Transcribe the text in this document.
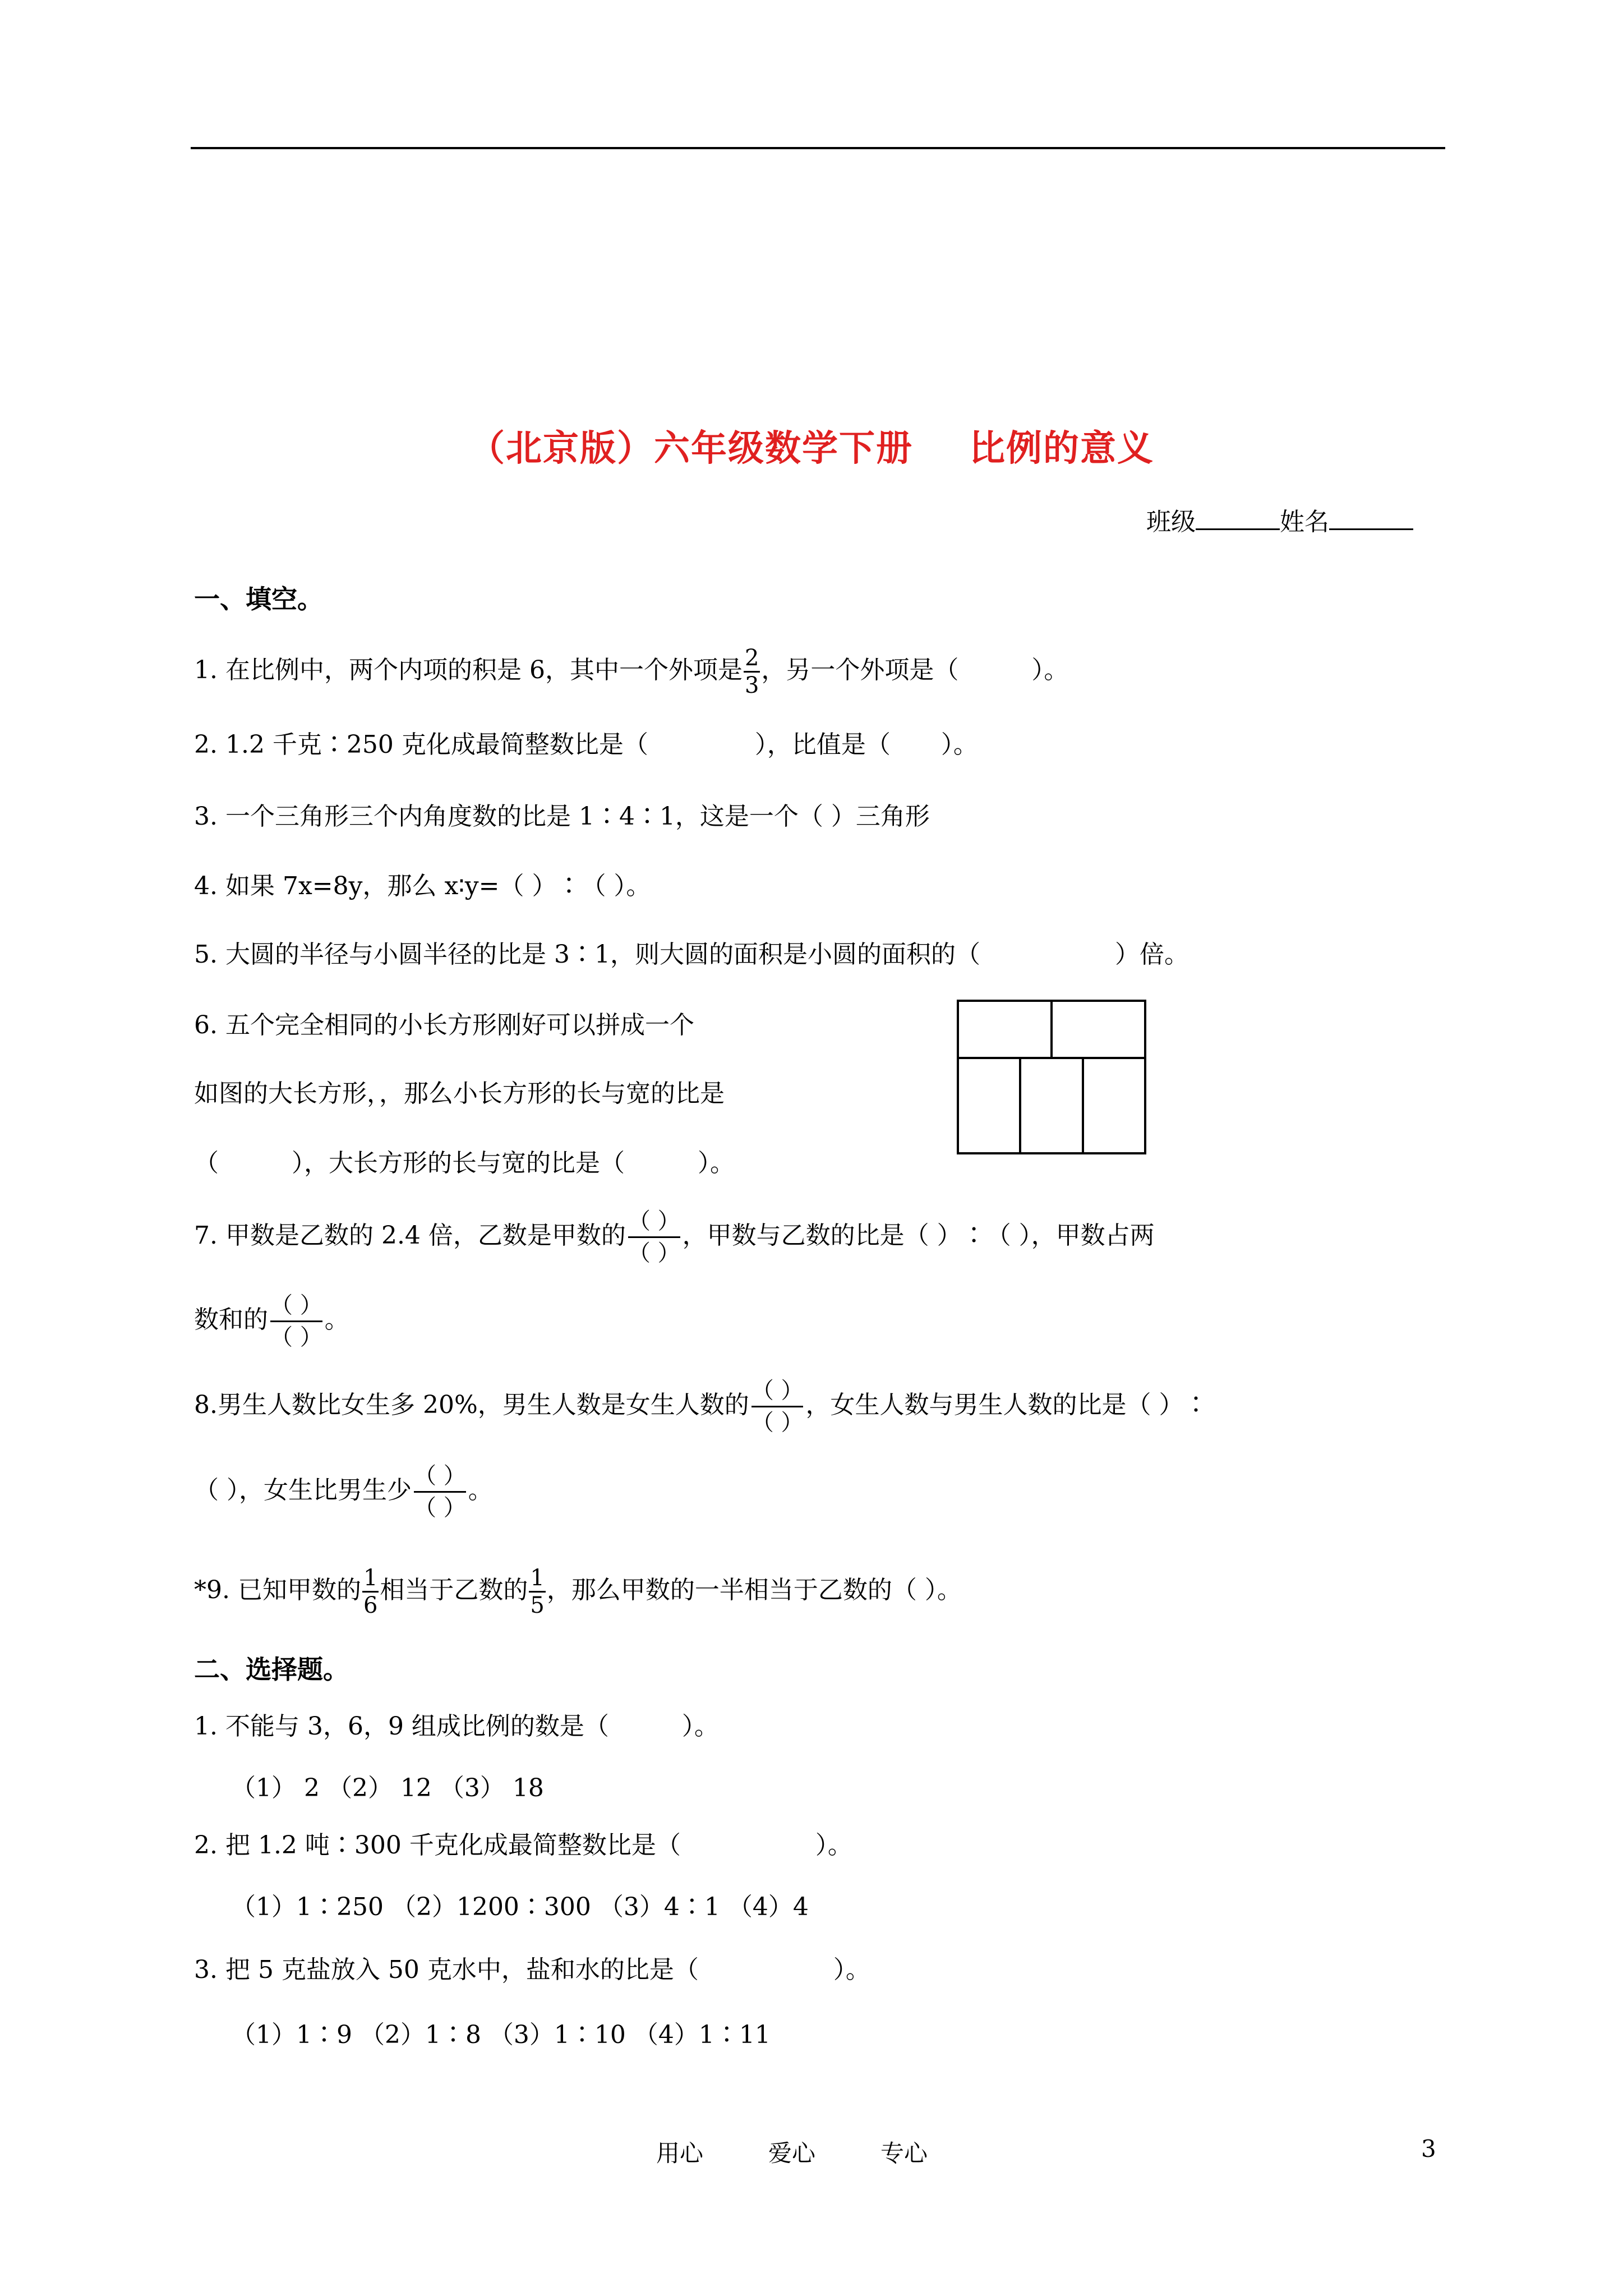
（北京版）六年级数学下册 比例的意义
班级	姓名
一、填空。
1. 在比例中，两个内项的积是 6，其中一个外项是 $\frac{2}{3}$ ，另一个外项是（	）。
2. 1.2 千克∶250 克化成最简整数比是（	），比值是（ ）。
3. 一个三角形三个内角度数的比是 1∶4∶1，这是一个（ ）三角形
4. 如果 7x=8y，那么 x∶y=（ ）∶（ ）。
5. 大圆的半径与小圆半径的比是 3∶1，则大圆的面积是小圆的面积的（	）倍。
6. 五个完全相同的小长方形刚好可以拼成一个
如图的大长方形，，那么小长方形的长与宽的比是
（	），大长方形的长与宽的比是（	）。
7. 甲数是乙数的 2.4 倍，乙数是甲数的 （ ）
（ ）
，甲数与乙数的比是（ ）∶（ ），甲数占两
数和的 （ ）
（ ）
。
8.男生人数比女生多 20%，男生人数是女生人数的 （ ）
（ ）
，女生人数与男生人数的比是（ ）∶
（ ），女生比男生少 （ ）
（ ）
。
*9. 已知甲数的 $\frac{1}{6}$ 相当于乙数的 $\frac{1}{5}$ ，那么甲数的一半相当于乙数的（ ）。
二、选择题。
1. 不能与 3，6，9 组成比例的数是（	）。
（1） 2 （2） 12 （3） 18
2. 把 1.2 吨∶300 千克化成最简整数比是（	）。
（1）1∶250 （2）1200∶300 （3）4∶1 （4）4
3. 把 5 克盐放入 50 克水中，盐和水的比是（	）。
（1）1∶9 （2）1∶8 （3）1∶10 （4）1∶11
用心	爱心	专心	3
